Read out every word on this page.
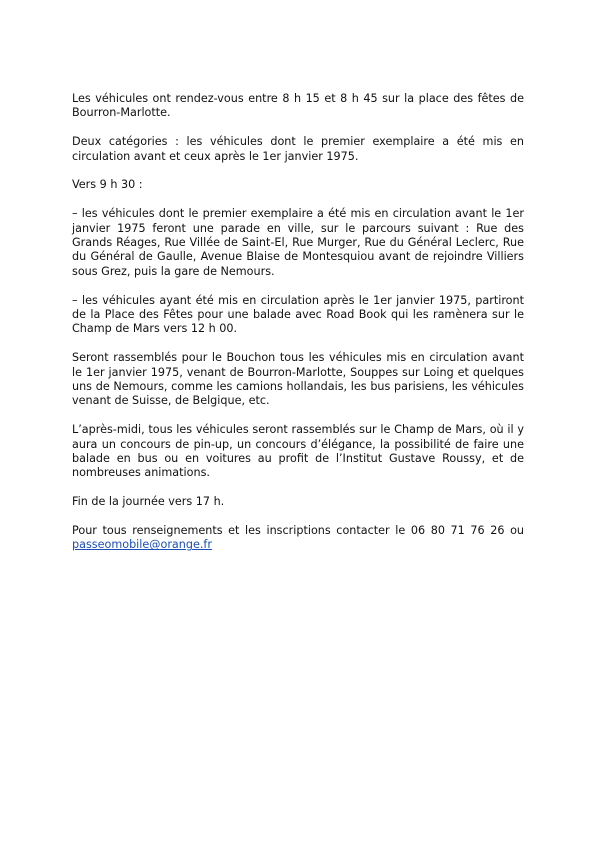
Les véhicules ont rendez-vous entre 8 h 15 et 8 h 45 sur la place des fêtes de Bourron-Marlotte.

Deux catégories : les véhicules dont le premier exemplaire a été mis en circulation avant et ceux après le 1er janvier 1975.

Vers 9 h 30 :

– les véhicules dont le premier exemplaire a été mis en circulation avant le 1er janvier 1975 feront une parade en ville, sur le parcours suivant : Rue des Grands Réages, Rue Villée de Saint-El, Rue Murger, Rue du Général Leclerc, Rue du Général de Gaulle, Avenue Blaise de Montesquiou avant de rejoindre Villiers sous Grez, puis la gare de Nemours.

– les véhicules ayant été mis en circulation après le 1er janvier 1975, partiront de la Place des Fêtes pour une balade avec Road Book qui les ramènera sur le Champ de Mars vers 12 h 00.

Seront rassemblés pour le Bouchon tous les véhicules mis en circulation avant le 1er janvier 1975, venant de Bourron-Marlotte, Souppes sur Loing et quelques uns de Nemours, comme les camions hollandais, les bus parisiens, les véhicules venant de Suisse, de Belgique, etc.

L’après-midi, tous les véhicules seront rassemblés sur le Champ de Mars, où il y aura un concours de pin-up, un concours d’élégance, la possibilité de faire une balade en bus ou en voitures au profit de l’Institut Gustave Roussy, et de nombreuses animations.

Fin de la journée vers 17 h.

Pour tous renseignements et les inscriptions contacter le 06 80 71 76 26 ou passeomobile@orange.fr
